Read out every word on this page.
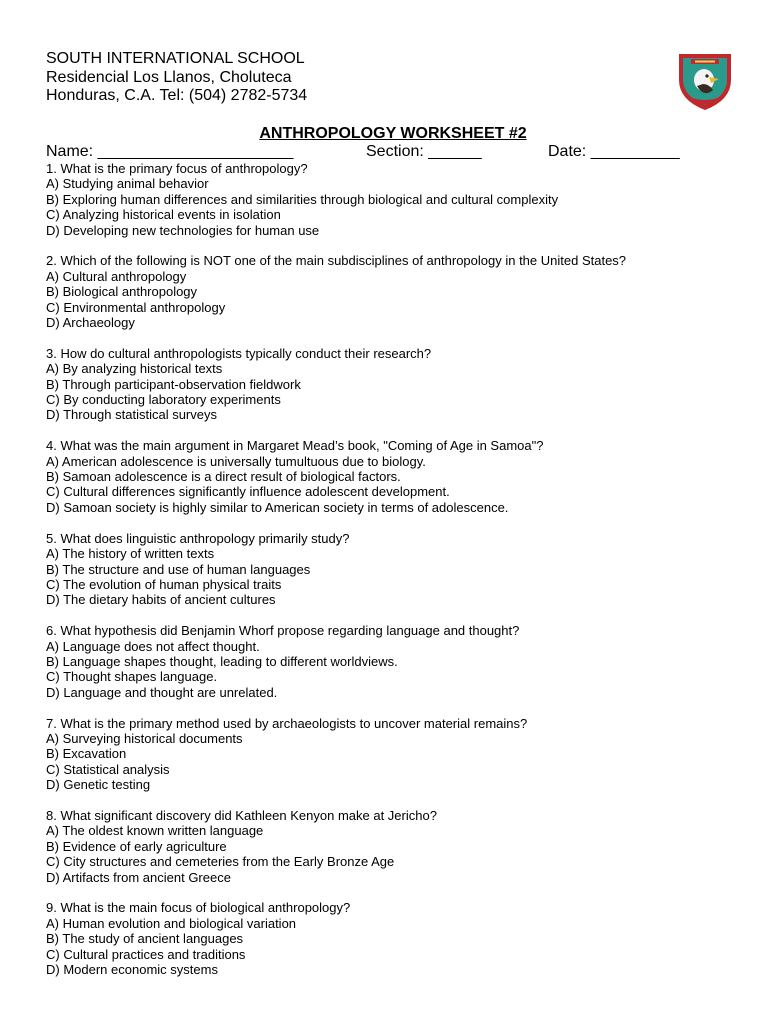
SOUTH INTERNATIONAL SCHOOL
Residencial Los Llanos, Choluteca
Honduras, C.A. Tel: (504) 2782-5734
ANTHROPOLOGY WORKSHEET #2
Name: ______________________	Section: ______	Date: __________
1. What is the primary focus of anthropology?
A) Studying animal behavior
B) Exploring human differences and similarities through biological and cultural complexity
C) Analyzing historical events in isolation
D) Developing new technologies for human use
2. Which of the following is NOT one of the main subdisciplines of anthropology in the United States?
A) Cultural anthropology
B) Biological anthropology
C) Environmental anthropology
D) Archaeology
3. How do cultural anthropologists typically conduct their research?
A) By analyzing historical texts
B) Through participant-observation fieldwork
C) By conducting laboratory experiments
D) Through statistical surveys
4. What was the main argument in Margaret Mead’s book, "Coming of Age in Samoa"?
A) American adolescence is universally tumultuous due to biology.
B) Samoan adolescence is a direct result of biological factors.
C) Cultural differences significantly influence adolescent development.
D) Samoan society is highly similar to American society in terms of adolescence.
5. What does linguistic anthropology primarily study?
A) The history of written texts
B) The structure and use of human languages
C) The evolution of human physical traits
D) The dietary habits of ancient cultures
6. What hypothesis did Benjamin Whorf propose regarding language and thought?
A) Language does not affect thought.
B) Language shapes thought, leading to different worldviews.
C) Thought shapes language.
D) Language and thought are unrelated.
7. What is the primary method used by archaeologists to uncover material remains?
A) Surveying historical documents
B) Excavation
C) Statistical analysis
D) Genetic testing
8. What significant discovery did Kathleen Kenyon make at Jericho?
A) The oldest known written language
B) Evidence of early agriculture
C) City structures and cemeteries from the Early Bronze Age
D) Artifacts from ancient Greece
9. What is the main focus of biological anthropology?
A) Human evolution and biological variation
B) The study of ancient languages
C) Cultural practices and traditions
D) Modern economic systems
